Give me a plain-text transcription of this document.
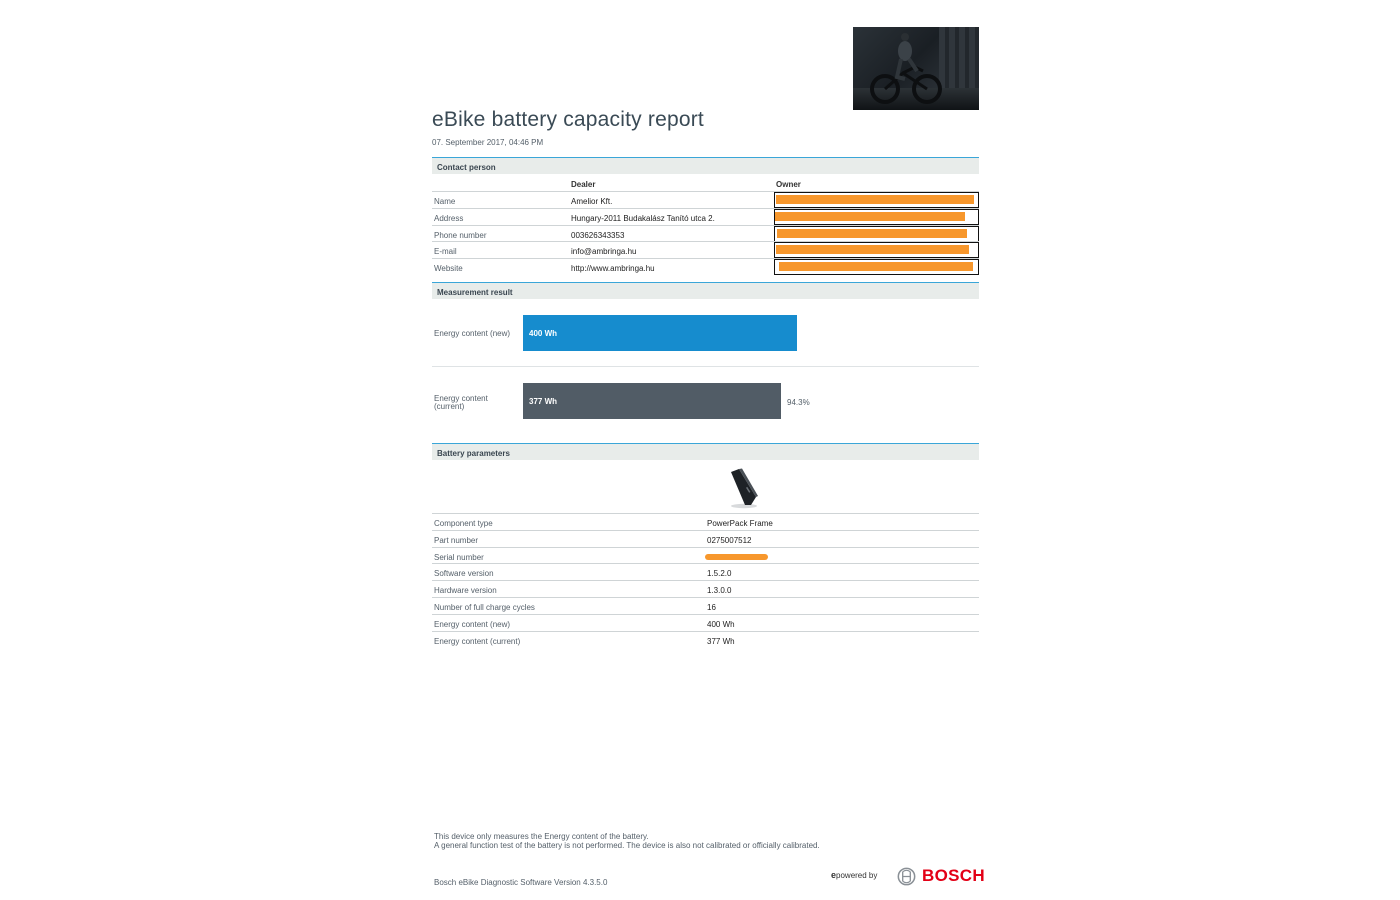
eBike battery capacity report
07. September 2017, 04:46 PM
Contact person
Dealer	Owner
Name	Amelior Kft.
Address	Hungary-2011 Budakalász Tanító utca 2.
Phone number	003626343353
E-mail	info@ambringa.hu
Website	http://www.ambringa.hu
Measurement result
Energy content (new) 400 Wh
Energy content
(current)
377 Wh	94.3%
Battery parameters
Component type	PowerPack Frame
Part number	0275007512
Serial number
Software version	1.5.2.0
Hardware version	1.3.0.0
Number of full charge cycles	16
Energy content (new)	400 Wh
Energy content (current)	377 Wh
This device only measures the Energy content of the battery.
A general function test of the battery is not performed. The device is also not calibrated or officially calibrated.
Bosch eBike Diagnostic Software Version 4.3.5.0
epowered by	BOSCH
